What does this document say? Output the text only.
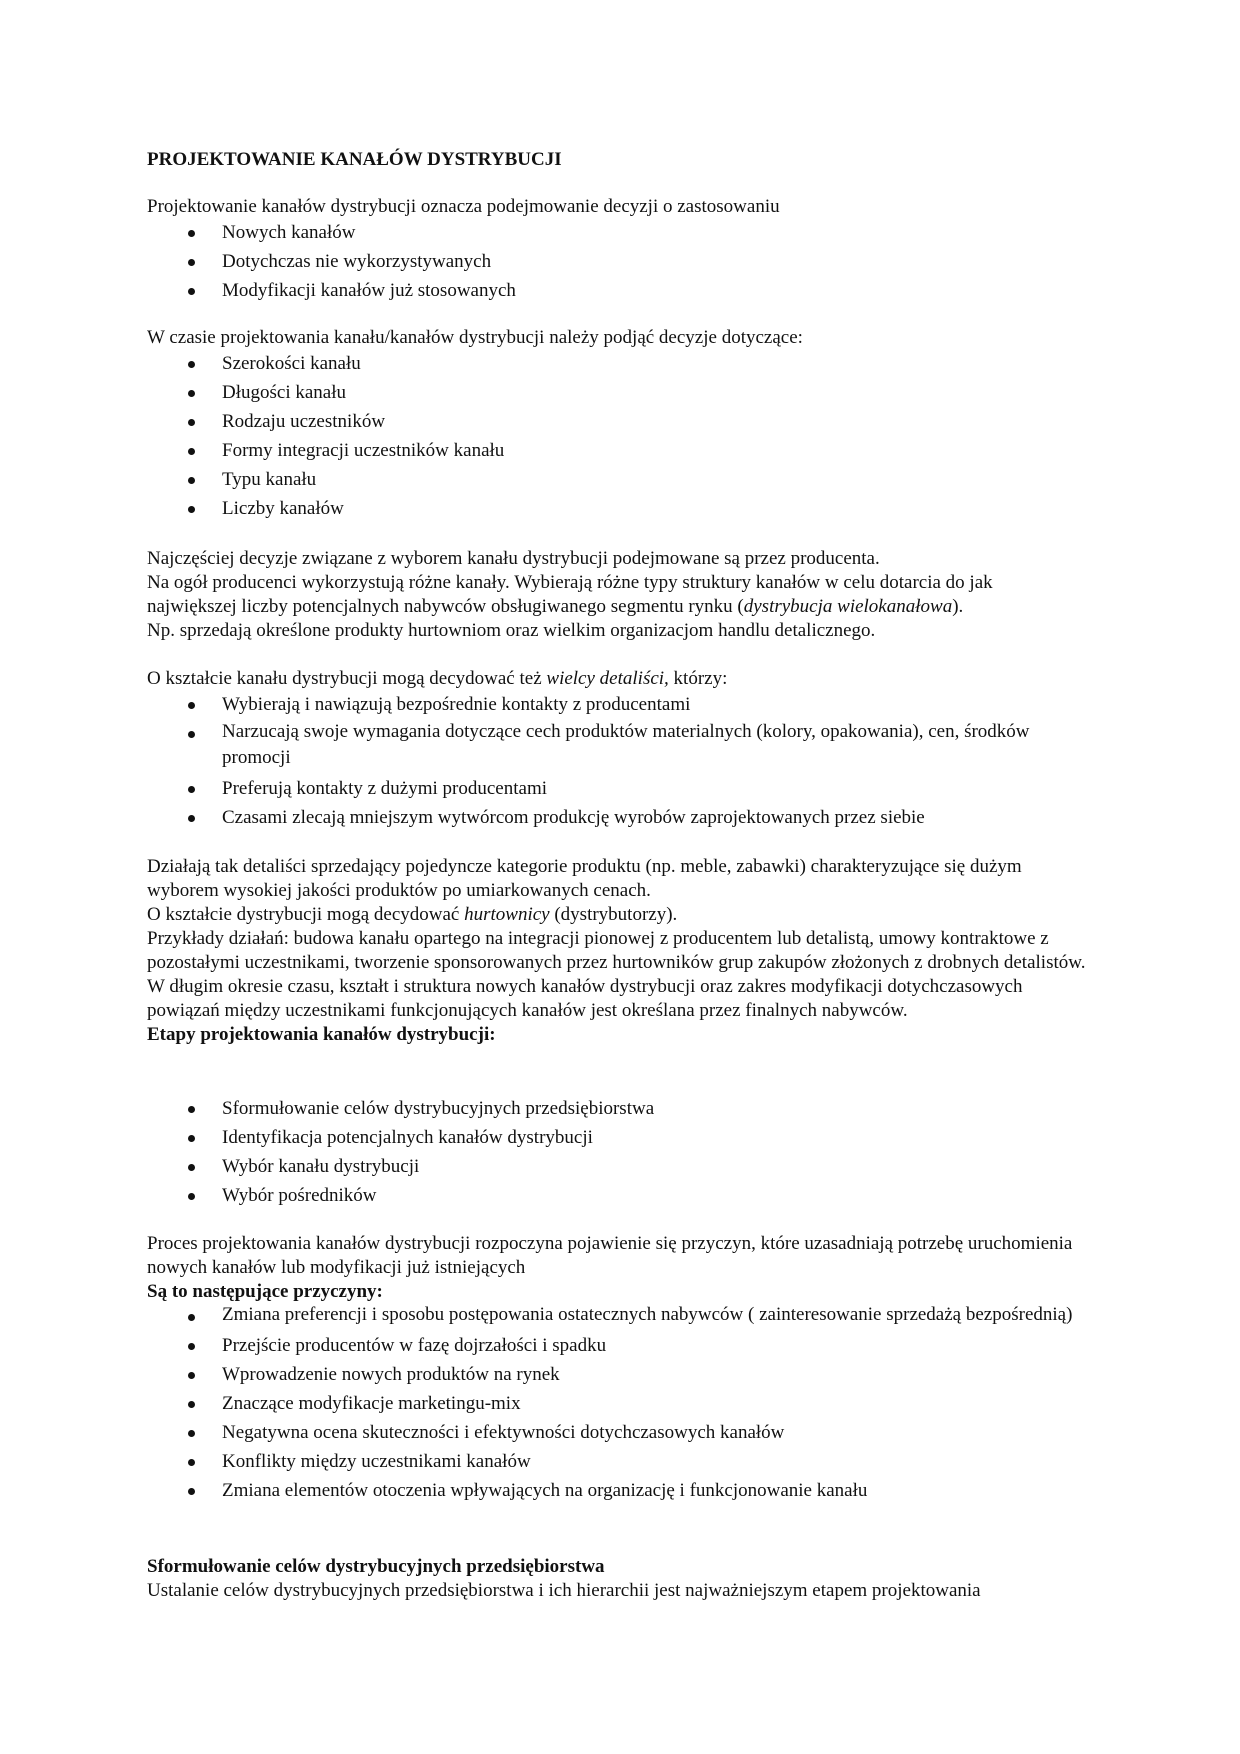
PROJEKTOWANIE KANAŁÓW DYSTRYBUCJI

Projektowanie kanałów dystrybucji oznacza podejmowanie decyzji o zastosowaniu

Nowych kanałów
Dotychczas nie wykorzystywanych
Modyfikacji kanałów już stosowanych

W czasie projektowania kanału/kanałów dystrybucji należy podjąć decyzje dotyczące:

Szerokości kanału
Długości kanału
Rodzaju uczestników
Formy integracji uczestników kanału
Typu kanału
Liczby kanałów

Najczęściej decyzje związane z wyborem kanału dystrybucji podejmowane są przez producenta.

Na ogół producenci wykorzystują różne kanały. Wybierają różne typy struktury kanałów w celu dotarcia do jak

największej liczby potencjalnych nabywców obsługiwanego segmentu rynku (dystrybucja wielokanałowa).

Np. sprzedają określone produkty hurtowniom oraz wielkim organizacjom handlu detalicznego.

O kształcie kanału dystrybucji mogą decydować też wielcy detaliści, którzy:

Wybierają i nawiązują bezpośrednie kontakty z producentami
Narzucają swoje wymagania dotyczące cech produktów materialnych (kolory, opakowania), cen, środków promocji
Preferują kontakty z dużymi producentami
Czasami zlecają mniejszym wytwórcom produkcję wyrobów zaprojektowanych przez siebie

Działają tak detaliści sprzedający pojedyncze kategorie produktu (np. meble, zabawki) charakteryzujące się dużym wyborem wysokiej jakości produktów po umiarkowanych cenach.

O kształcie dystrybucji mogą decydować hurtownicy (dystrybutorzy).

Przykłady działań: budowa kanału opartego na integracji pionowej z producentem lub detalistą, umowy kontraktowe z pozostałymi uczestnikami, tworzenie sponsorowanych przez hurtowników grup zakupów złożonych z drobnych detalistów.

W długim okresie czasu, kształt i struktura nowych kanałów dystrybucji oraz zakres modyfikacji dotychczasowych powiązań między uczestnikami funkcjonujących kanałów jest określana przez finalnych nabywców.

Etapy projektowania kanałów dystrybucji:

Sformułowanie celów dystrybucyjnych przedsiębiorstwa
Identyfikacja potencjalnych kanałów dystrybucji
Wybór kanału dystrybucji
Wybór pośredników

Proces projektowania kanałów dystrybucji rozpoczyna pojawienie się przyczyn, które uzasadniają potrzebę uruchomienia nowych kanałów lub modyfikacji już istniejących

Są to następujące przyczyny:

Zmiana preferencji i sposobu postępowania ostatecznych nabywców ( zainteresowanie sprzedażą bezpośrednią)
Przejście producentów w fazę dojrzałości i spadku
Wprowadzenie nowych produktów na rynek
Znaczące modyfikacje marketingu-mix
Negatywna ocena skuteczności i efektywności dotychczasowych kanałów
Konflikty między uczestnikami kanałów
Zmiana elementów otoczenia wpływających na organizację i funkcjonowanie kanału

Sformułowanie celów dystrybucyjnych przedsiębiorstwa

Ustalanie celów dystrybucyjnych przedsiębiorstwa i ich hierarchii jest najważniejszym etapem projektowania
